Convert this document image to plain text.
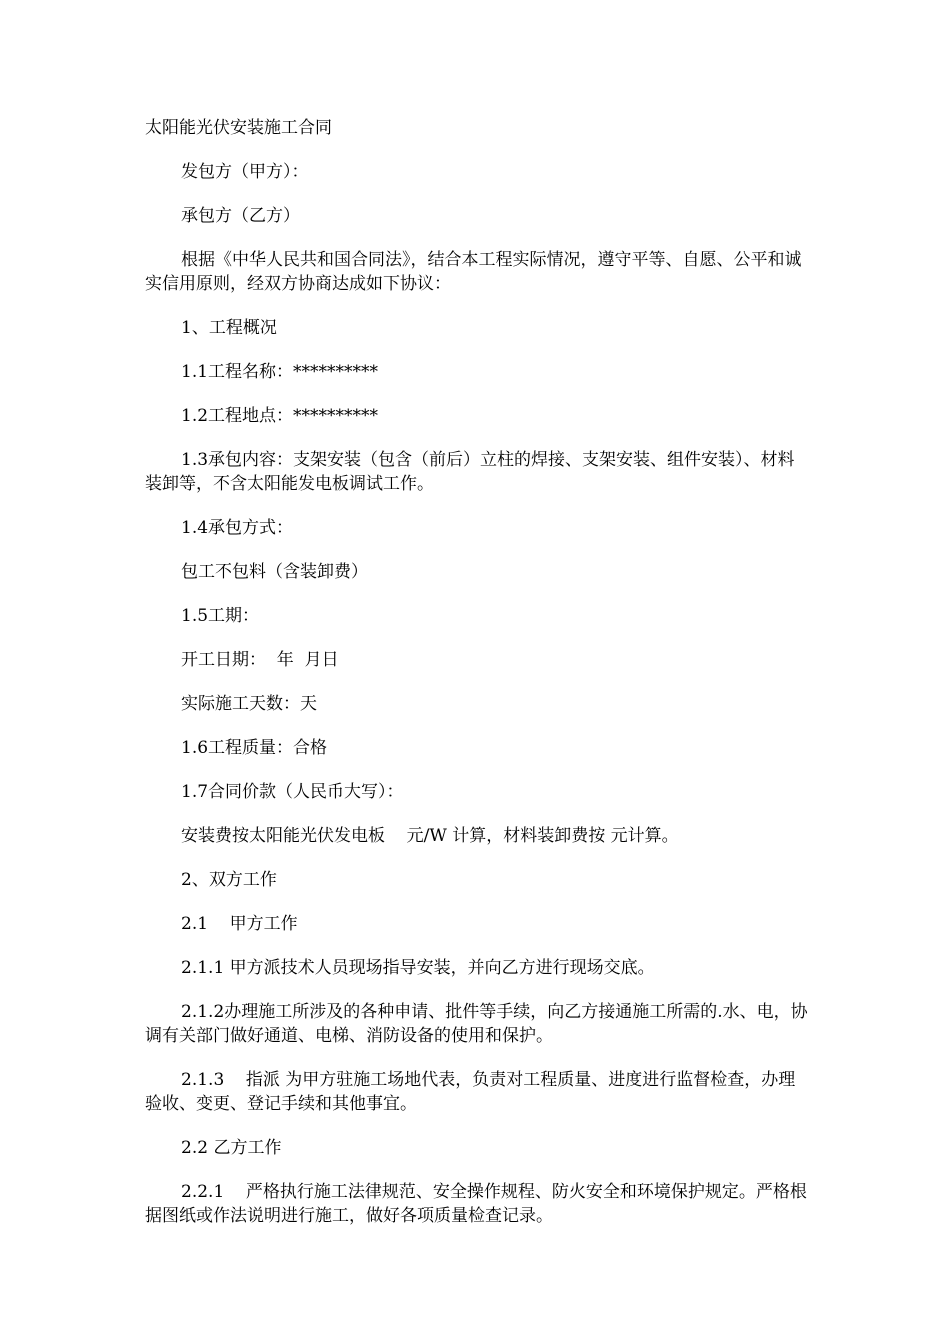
太阳能光伏安装施工合同

发包方（甲方）：

承包方（乙方）

根据《中华人民共和国合同法》，结合本工程实际情况，遵守平等、自愿、公平和诚实信用原则，经双方协商达成如下协议：

1、工程概况

1.1工程名称：**********

1.2工程地点：**********

1.3承包内容：支架安装（包含（前后）立柱的焊接、支架安装、组件安装）、材料装卸等，不含太阳能发电板调试工作。

1.4承包方式：

包工不包料（含装卸费）

1.5工期：

开工日期：  年  月日

实际施工天数：天

1.6工程质量：合格

1.7合同价款（人民币大写）：

安装费按太阳能光伏发电板    元/W 计算，材料装卸费按 元计算。

2、双方工作

2.1    甲方工作

2.1.1 甲方派技术人员现场指导安装，并向乙方进行现场交底。

2.1.2办理施工所涉及的各种申请、批件等手续，向乙方接通施工所需的.水、电，协调有关部门做好通道、电梯、消防设备的使用和保护。

2.1.3    指派 为甲方驻施工场地代表，负责对工程质量、进度进行监督检查，办理验收、变更、登记手续和其他事宜。

2.2 乙方工作

2.2.1    严格执行施工法律规范、安全操作规程、防火安全和环境保护规定。严格根据图纸或作法说明进行施工，做好各项质量检查记录。
